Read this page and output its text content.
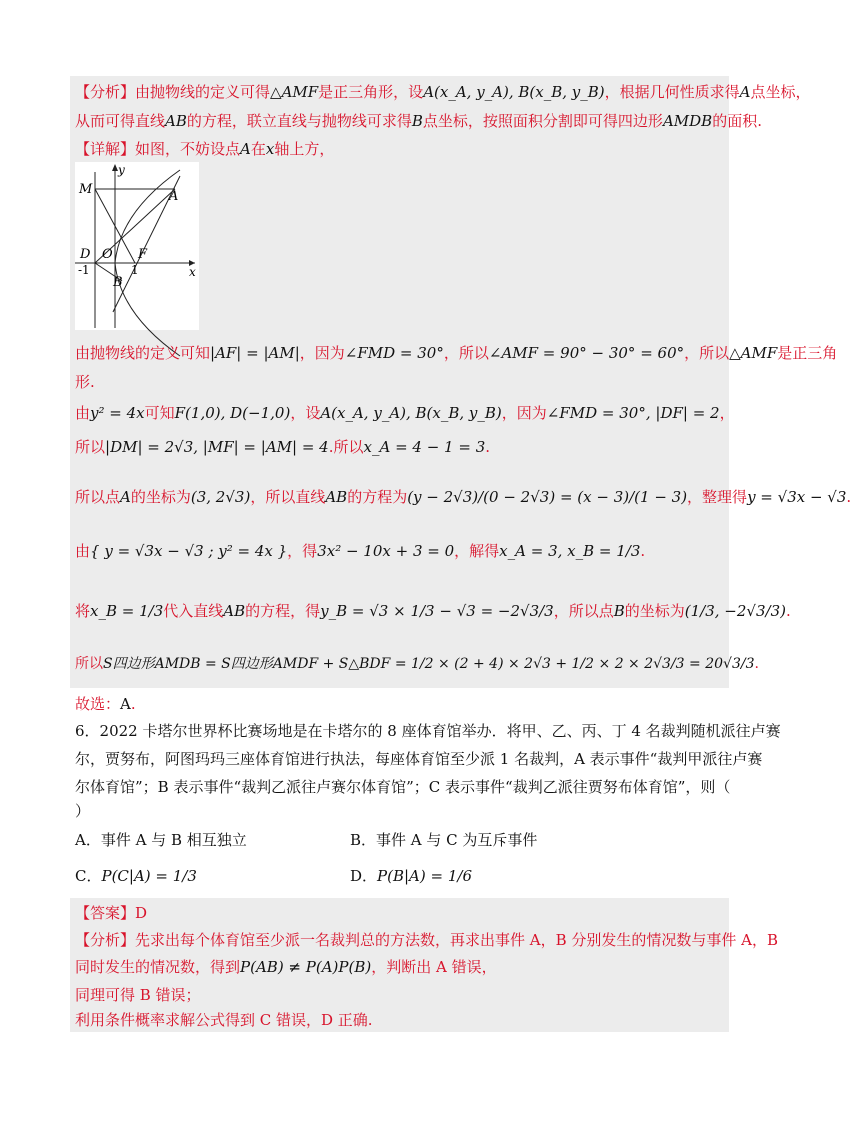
【分析】由抛物线的定义可得△AMF是正三角形，设A(x_A, y_A), B(x_B, y_B)，根据几何性质求得A点坐标，
从而可得直线AB的方程，联立直线与抛物线可求得B点坐标，按照面积分割即可得四边形AMDB的面积.
【详解】如图，不妨设点A在x轴上方，
y
x
M	A
D O F
-1	1
B
由抛物线的定义可知|AF| = |AM|，因为∠FMD = 30°，所以∠AMF = 90° − 30° = 60°，所以△AMF是正三角
形.
由y² = 4x可知F(1,0), D(−1,0)，设A(x_A, y_A), B(x_B, y_B)，因为∠FMD = 30°, |DF| = 2，
所以|DM| = 2√3, |MF| = |AM| = 4.所以x_A = 4 − 1 = 3.
所以点A的坐标为(3, 2√3)，所以直线AB的方程为(y − 2√3)/(0 − 2√3) = (x − 3)/(1 − 3)，整理得y = √3x − √3.
由{ y = √3x − √3 ; y² = 4x }，得3x² − 10x + 3 = 0，解得x_A = 3, x_B = 1/3.
将x_B = 1/3代入直线AB的方程，得y_B = √3 × 1/3 − √3 = −2√3/3，所以点B的坐标为(1/3, −2√3/3).
所以S四边形AMDB = S四边形AMDF + S△BDF = 1/2 × (2 + 4) × 2√3 + 1/2 × 2 × 2√3/3 = 20√3/3.
故选：A.
6．2022 卡塔尔世界杯比赛场地是在卡塔尔的 8 座体育馆举办．将甲、乙、丙、丁 4 名裁判随机派往卢赛
尔，贾努布，阿图玛玛三座体育馆进行执法，每座体育馆至少派 1 名裁判，A 表示事件“裁判甲派往卢赛
尔体育馆”；B 表示事件“裁判乙派往卢赛尔体育馆”；C 表示事件“裁判乙派往贾努布体育馆”，则（
）
A．事件 A 与 B 相互独立	B．事件 A 与 C 为互斥事件
C．P(C|A) = 1/3	D．P(B|A) = 1/6
【答案】D
【分析】先求出每个体育馆至少派一名裁判总的方法数，再求出事件 A，B 分别发生的情况数与事件 A，B
同时发生的情况数，得到P(AB) ≠ P(A)P(B)，判断出 A 错误，
同理可得 B 错误；
利用条件概率求解公式得到 C 错误，D 正确.
